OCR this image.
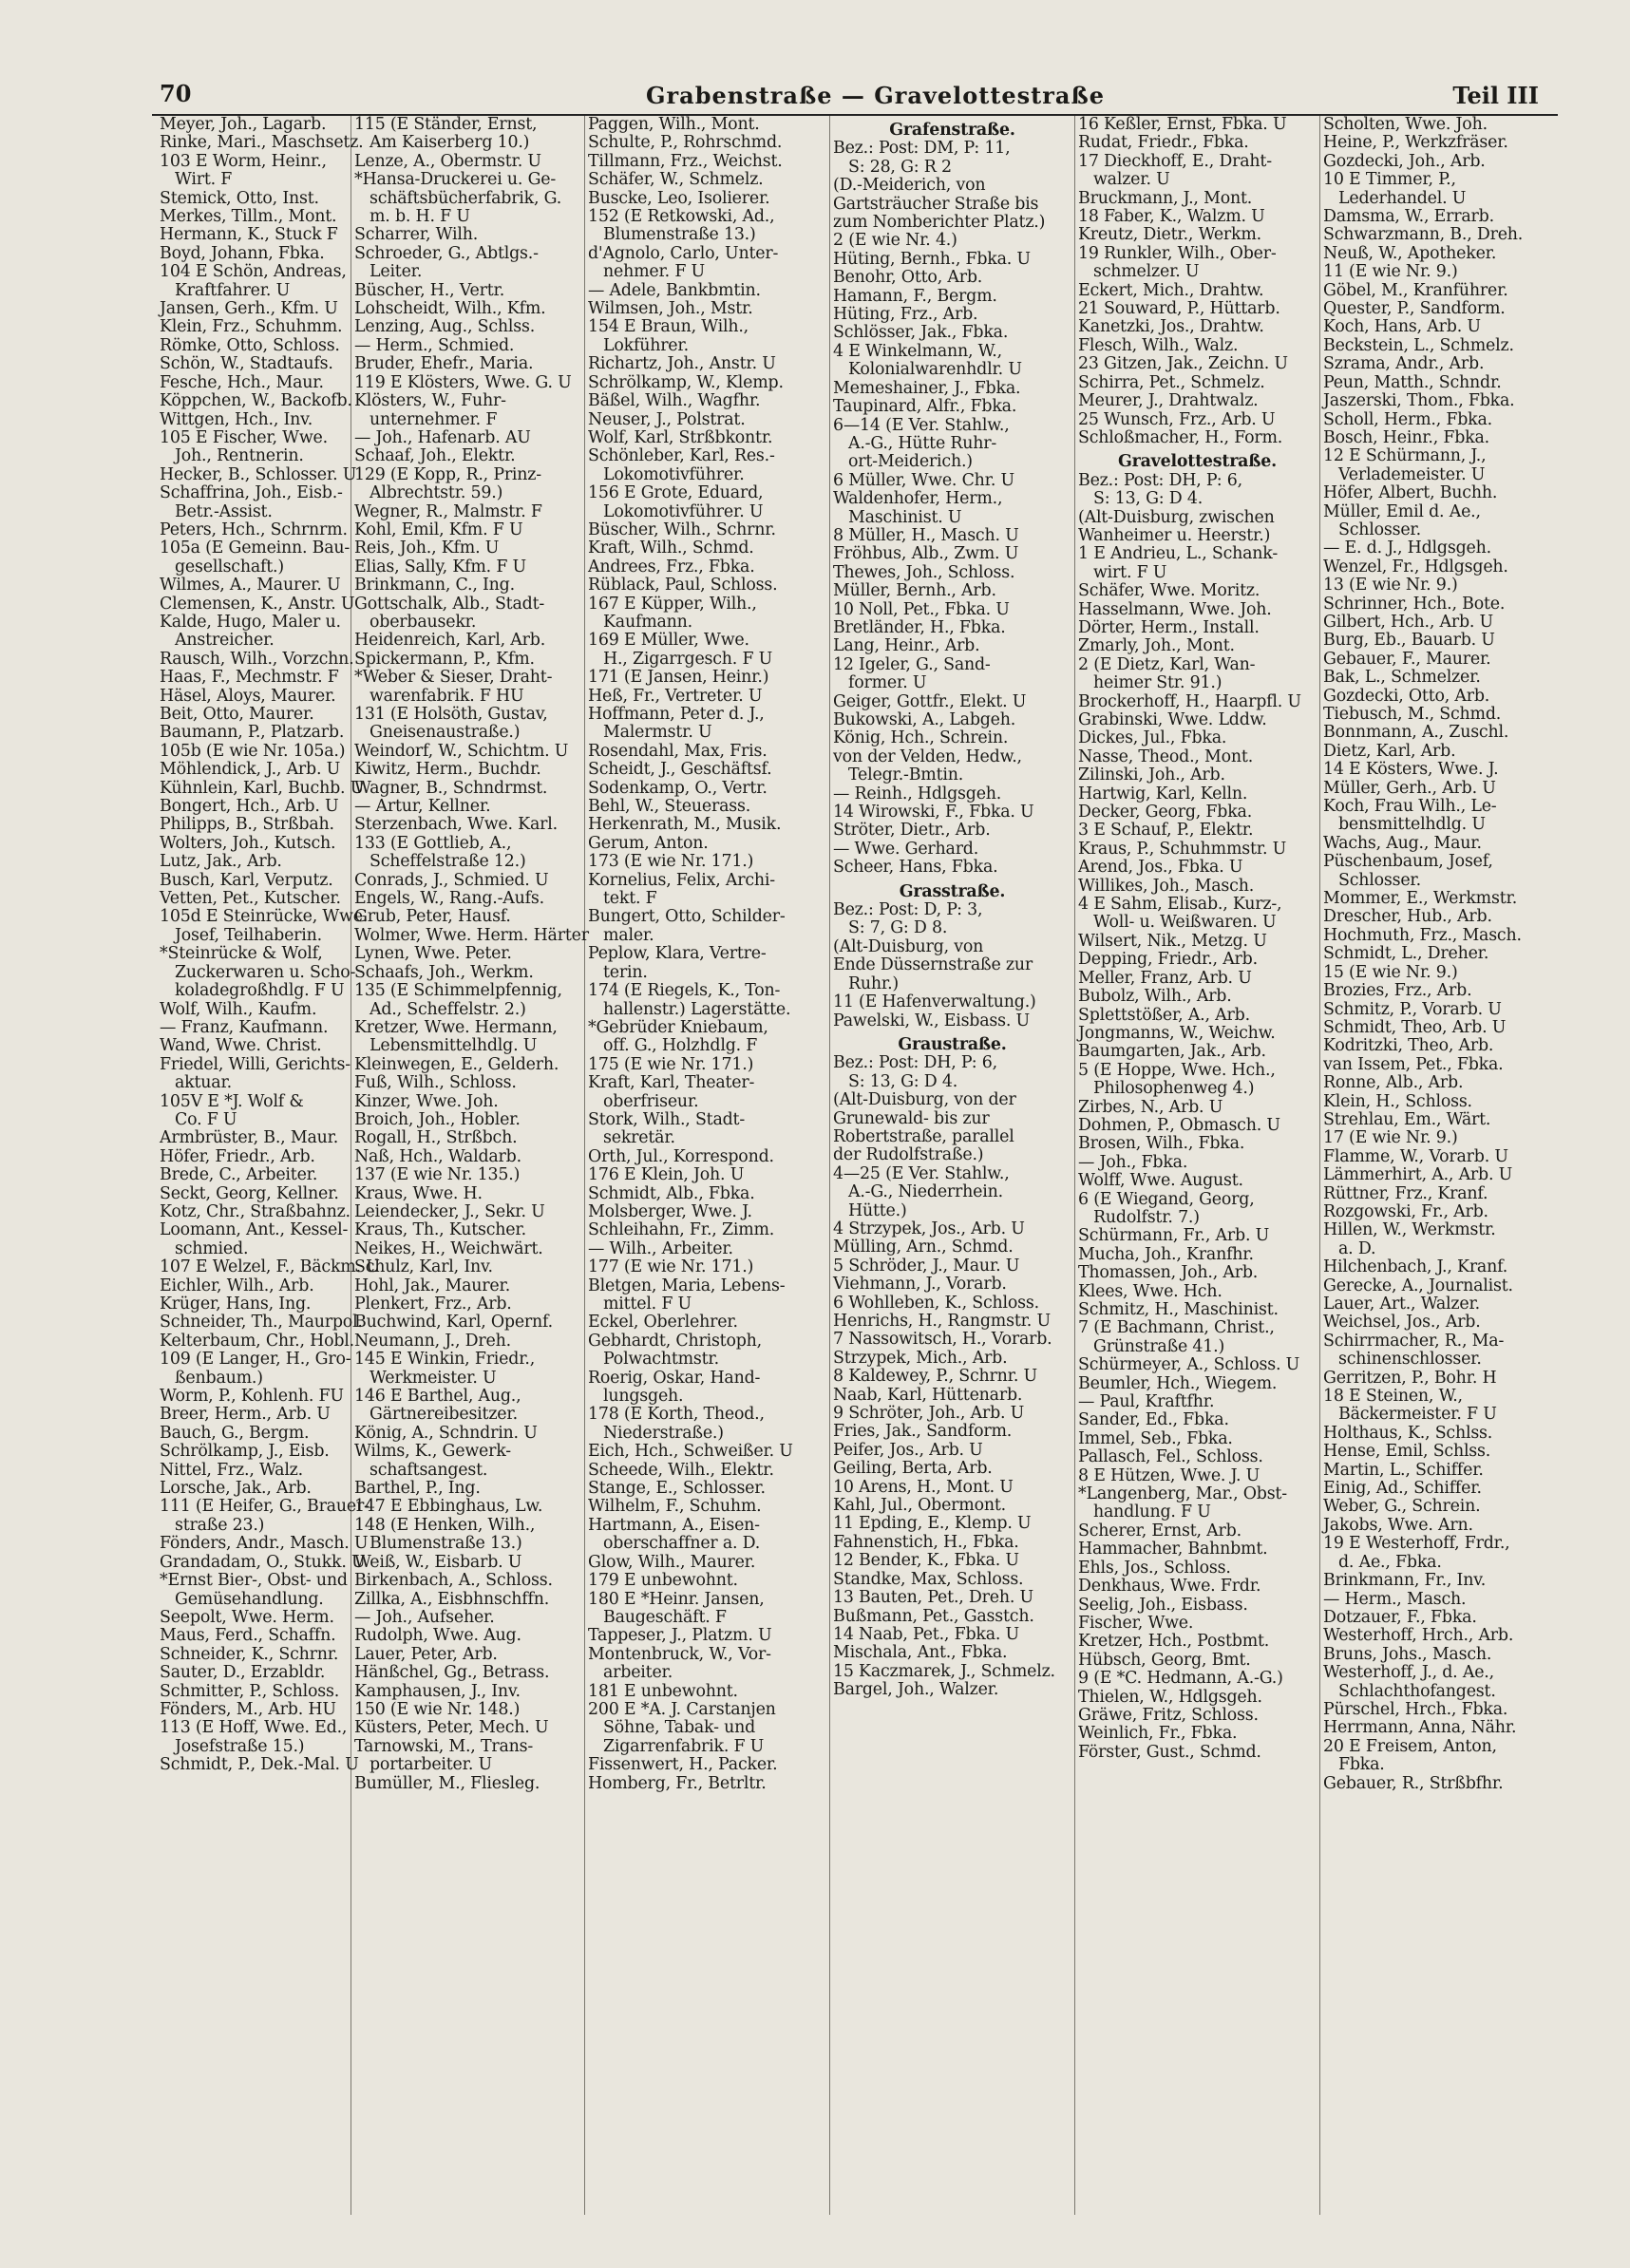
70	Grabenstraße — Gravelottestraße	Teil III
Meyer, Joh., Lagarb.
Rinke, Mari., Maschsetz.
103 E Worm, Heinr.,
Wirt. F
Stemick, Otto, Inst.
Merkes, Tillm., Mont.
Hermann, K., Stuck F
Boyd, Johann, Fbka.
104 E Schön, Andreas,
Kraftfahrer. U
Jansen, Gerh., Kfm. U
Klein, Frz., Schuhmm.
Römke, Otto, Schloss.
Schön, W., Stadtaufs.
Fesche, Hch., Maur.
Köppchen, W., Backofb.
Wittgen, Hch., Inv.
105 E Fischer, Wwe.
Joh., Rentnerin.
Hecker, B., Schlosser. U
Schaffrina, Joh., Eisb.-
Betr.-Assist.
Peters, Hch., Schrnrm.
105a (E Gemeinn. Bau-
gesellschaft.)
Wilmes, A., Maurer. U
Clemensen, K., Anstr. U
Kalde, Hugo, Maler u.
Anstreicher.
Rausch, Wilh., Vorzchn.
Haas, F., Mechmstr. F
Häsel, Aloys, Maurer.
Beit, Otto, Maurer.
Baumann, P., Platzarb.
105b (E wie Nr. 105a.)
Möhlendick, J., Arb. U
Kühnlein, Karl, Buchb. U
Bongert, Hch., Arb. U
Philipps, B., Strßbah.
Wolters, Joh., Kutsch.
Lutz, Jak., Arb.
Busch, Karl, Verputz.
Vetten, Pet., Kutscher.
105d E Steinrücke, Wwe.
Josef, Teilhaberin.
*Steinrücke & Wolf,
Zuckerwaren u. Scho-
koladegroßhdlg. F U
Wolf, Wilh., Kaufm.
— Franz, Kaufmann.
Wand, Wwe. Christ.
Friedel, Willi, Gerichts-
aktuar.
105V E *J. Wolf &
Co. F U
Armbrüster, B., Maur.
Höfer, Friedr., Arb.
Brede, C., Arbeiter.
Seckt, Georg, Kellner.
Kotz, Chr., Straßbahnz.
Loomann, Ant., Kessel-
schmied.
107 E Welzel, F., Bäckm. U
Eichler, Wilh., Arb.
Krüger, Hans, Ing.
Schneider, Th., Maurpol.
Kelterbaum, Chr., Hobl.
109 (E Langer, H., Gro-
ßenbaum.)
Worm, P., Kohlenh. FU
Breer, Herm., Arb. U
Bauch, G., Bergm.
Schrölkamp, J., Eisb.
Nittel, Frz., Walz.
Lorsche, Jak., Arb.
111 (E Heifer, G., Brauer-
straße 23.)
Fönders, Andr., Masch. U
Grandadam, O., Stukk. U
*Ernst Bier-, Obst- und
Gemüsehandlung.
Seepolt, Wwe. Herm.
Maus, Ferd., Schaffn.
Schneider, K., Schrnr.
Sauter, D., Erzabldr.
Schmitter, P., Schloss.
Fönders, M., Arb. HU
113 (E Hoff, Wwe. Ed.,
Josefstraße 15.)
Schmidt, P., Dek.-Mal. U
115 (E Ständer, Ernst,
Am Kaiserberg 10.)
Lenze, A., Obermstr. U
*Hansa-Druckerei u. Ge-
schäftsbücherfabrik, G.
m. b. H. F U
Scharrer, Wilh.
Schroeder, G., Abtlgs.-
Leiter.
Büscher, H., Vertr.
Lohscheidt, Wilh., Kfm.
Lenzing, Aug., Schlss.
— Herm., Schmied.
Bruder, Ehefr., Maria.
119 E Klösters, Wwe. G. U
Klösters, W., Fuhr-
unternehmer. F
— Joh., Hafenarb. AU
Schaaf, Joh., Elektr.
129 (E Kopp, R., Prinz-
Albrechtstr. 59.)
Wegner, R., Malmstr. F
Kohl, Emil, Kfm. F U
Reis, Joh., Kfm. U
Elias, Sally, Kfm. F U
Brinkmann, C., Ing.
Gottschalk, Alb., Stadt-
oberbausekr.
Heidenreich, Karl, Arb.
Spickermann, P., Kfm.
*Weber & Sieser, Draht-
warenfabrik. F HU
131 (E Holsöth, Gustav,
Gneisenaustraße.)
Weindorf, W., Schichtm. U
Kiwitz, Herm., Buchdr.
Wagner, B., Schndrmst.
— Artur, Kellner.
Sterzenbach, Wwe. Karl.
133 (E Gottlieb, A.,
Scheffelstraße 12.)
Conrads, J., Schmied. U
Engels, W., Rang.-Aufs.
Grub, Peter, Hausf.
Wolmer, Wwe. Herm. Härter
Lynen, Wwe. Peter.
Schaafs, Joh., Werkm.
135 (E Schimmelpfennig,
Ad., Scheffelstr. 2.)
Kretzer, Wwe. Hermann,
Lebensmittelhdlg. U
Kleinwegen, E., Gelderh.
Fuß, Wilh., Schloss.
Kinzer, Wwe. Joh.
Broich, Joh., Hobler.
Rogall, H., Strßbch.
Naß, Hch., Waldarb.
137 (E wie Nr. 135.)
Kraus, Wwe. H.
Leiendecker, J., Sekr. U
Kraus, Th., Kutscher.
Neikes, H., Weichwärt.
Schulz, Karl, Inv.
Hohl, Jak., Maurer.
Plenkert, Frz., Arb.
Buchwind, Karl, Opernf.
Neumann, J., Dreh.
145 E Winkin, Friedr.,
Werkmeister. U
146 E Barthel, Aug.,
Gärtnereibesitzer.
König, A., Schndrin. U
Wilms, K., Gewerk-
schaftsangest.
Barthel, P., Ing.
147 E Ebbinghaus, Lw.
148 (E Henken, Wilh.,
Blumenstraße 13.)
Weiß, W., Eisbarb. U
Birkenbach, A., Schloss.
Zillka, A., Eisbhnschffn.
— Joh., Aufseher.
Rudolph, Wwe. Aug.
Lauer, Peter, Arb.
Hänßchel, Gg., Betrass.
Kamphausen, J., Inv.
150 (E wie Nr. 148.)
Küsters, Peter, Mech. U
Tarnowski, M., Trans-
portarbeiter. U
Bumüller, M., Fliesleg.
Paggen, Wilh., Mont.
Schulte, P., Rohrschmd.
Tillmann, Frz., Weichst.
Schäfer, W., Schmelz.
Buscke, Leo, Isolierer.
152 (E Retkowski, Ad.,
Blumenstraße 13.)
d'Agnolo, Carlo, Unter-
nehmer. F U
— Adele, Bankbmtin.
Wilmsen, Joh., Mstr.
154 E Braun, Wilh.,
Lokführer.
Richartz, Joh., Anstr. U
Schrölkamp, W., Klemp.
Bäßel, Wilh., Wagfhr.
Neuser, J., Polstrat.
Wolf, Karl, Strßbkontr.
Schönleber, Karl, Res.-
Lokomotivführer.
156 E Grote, Eduard,
Lokomotivführer. U
Büscher, Wilh., Schrnr.
Kraft, Wilh., Schmd.
Andrees, Frz., Fbka.
Rüblack, Paul, Schloss.
167 E Küpper, Wilh.,
Kaufmann.
169 E Müller, Wwe.
H., Zigarrgesch. F U
171 (E Jansen, Heinr.)
Heß, Fr., Vertreter. U
Hoffmann, Peter d. J.,
Malermstr. U
Rosendahl, Max, Fris.
Scheidt, J., Geschäftsf.
Sodenkamp, O., Vertr.
Behl, W., Steuerass.
Herkenrath, M., Musik.
Gerum, Anton.
173 (E wie Nr. 171.)
Kornelius, Felix, Archi-
tekt. F
Bungert, Otto, Schilder-
maler.
Peplow, Klara, Vertre-
terin.
174 (E Riegels, K., Ton-
hallenstr.) Lagerstätte.
*Gebrüder Kniebaum,
off. G., Holzhdlg. F
175 (E wie Nr. 171.)
Kraft, Karl, Theater-
oberfriseur.
Stork, Wilh., Stadt-
sekretär.
Orth, Jul., Korrespond.
176 E Klein, Joh. U
Schmidt, Alb., Fbka.
Molsberger, Wwe. J.
Schleihahn, Fr., Zimm.
— Wilh., Arbeiter.
177 (E wie Nr. 171.)
Bletgen, Maria, Lebens-
mittel. F U
Eckel, Oberlehrer.
Gebhardt, Christoph,
Polwachtmstr.
Roerig, Oskar, Hand-
lungsgeh.
178 (E Korth, Theod.,
Niederstraße.)
Eich, Hch., Schweißer. U
Scheede, Wilh., Elektr.
Stange, E., Schlosser.
Wilhelm, F., Schuhm.
Hartmann, A., Eisen-
oberschaffner a. D.
Glow, Wilh., Maurer.
179 E unbewohnt.
180 E *Heinr. Jansen,
Baugeschäft. F
Tappeser, J., Platzm. U
Montenbruck, W., Vor-
arbeiter.
181 E unbewohnt.
200 E *A. J. Carstanjen
Söhne, Tabak- und
Zigarrenfabrik. F U
Fissenwert, H., Packer.
Homberg, Fr., Betrltr.
Grafenstraße.
Bez.: Post: DM, P: 11,
S: 28, G: R 2
(D.-Meiderich, von
Gartsträucher Straße bis
zum Nomberichter Platz.)
2 (E wie Nr. 4.)
Hüting, Bernh., Fbka. U
Benohr, Otto, Arb.
Hamann, F., Bergm.
Hüting, Frz., Arb.
Schlösser, Jak., Fbka.
4 E Winkelmann, W.,
Kolonialwarenhdlr. U
Memeshainer, J., Fbka.
Taupinard, Alfr., Fbka.
6—14 (E Ver. Stahlw.,
A.-G., Hütte Ruhr-
ort-Meiderich.)
6 Müller, Wwe. Chr. U
Waldenhofer, Herm.,
Maschinist. U
8 Müller, H., Masch. U
Fröhbus, Alb., Zwm. U
Thewes, Joh., Schloss.
Müller, Bernh., Arb.
10 Noll, Pet., Fbka. U
Bretländer, H., Fbka.
Lang, Heinr., Arb.
12 Igeler, G., Sand-
former. U
Geiger, Gottfr., Elekt. U
Bukowski, A., Labgeh.
König, Hch., Schrein.
von der Velden, Hedw.,
Telegr.-Bmtin.
— Reinh., Hdlgsgeh.
14 Wirowski, F., Fbka. U
Ströter, Dietr., Arb.
— Wwe. Gerhard.
Scheer, Hans, Fbka.
Grasstraße.
Bez.: Post: D, P: 3,
S: 7, G: D 8.
(Alt-Duisburg, von
Ende Düssernstraße zur
Ruhr.)
11 (E Hafenverwaltung.)
Pawelski, W., Eisbass. U
Graustraße.
Bez.: Post: DH, P: 6,
S: 13, G: D 4.
(Alt-Duisburg, von der
Grunewald- bis zur
Robertstraße, parallel
der Rudolfstraße.)
4—25 (E Ver. Stahlw.,
A.-G., Niederrhein.
Hütte.)
4 Strzypek, Jos., Arb. U
Mülling, Arn., Schmd.
5 Schröder, J., Maur. U
Viehmann, J., Vorarb.
6 Wohlleben, K., Schloss.
Henrichs, H., Rangmstr. U
7 Nassowitsch, H., Vorarb.
Strzypek, Mich., Arb.
8 Kaldewey, P., Schrnr. U
Naab, Karl, Hüttenarb.
9 Schröter, Joh., Arb. U
Fries, Jak., Sandform.
Peifer, Jos., Arb. U
Geiling, Berta, Arb.
10 Arens, H., Mont. U
Kahl, Jul., Obermont.
11 Epding, E., Klemp. U
Fahnenstich, H., Fbka.
12 Bender, K., Fbka. U
Standke, Max, Schloss.
13 Bauten, Pet., Dreh. U
Bußmann, Pet., Gasstch.
14 Naab, Pet., Fbka. U
Mischala, Ant., Fbka.
15 Kaczmarek, J., Schmelz.
Bargel, Joh., Walzer.
16 Keßler, Ernst, Fbka. U
Rudat, Friedr., Fbka.
17 Dieckhoff, E., Draht-
walzer. U
Bruckmann, J., Mont.
18 Faber, K., Walzm. U
Kreutz, Dietr., Werkm.
19 Runkler, Wilh., Ober-
schmelzer. U
Eckert, Mich., Drahtw.
21 Souward, P., Hüttarb.
Kanetzki, Jos., Drahtw.
Flesch, Wilh., Walz.
23 Gitzen, Jak., Zeichn. U
Schirra, Pet., Schmelz.
Meurer, J., Drahtwalz.
25 Wunsch, Frz., Arb. U
Schloßmacher, H., Form.
Gravelottestraße.
Bez.: Post: DH, P: 6,
S: 13, G: D 4.
(Alt-Duisburg, zwischen
Wanheimer u. Heerstr.)
1 E Andrieu, L., Schank-
wirt. F U
Schäfer, Wwe. Moritz.
Hasselmann, Wwe. Joh.
Dörter, Herm., Install.
Zmarly, Joh., Mont.
2 (E Dietz, Karl, Wan-
heimer Str. 91.)
Brockerhoff, H., Haarpfl. U
Grabinski, Wwe. Lddw.
Dickes, Jul., Fbka.
Nasse, Theod., Mont.
Zilinski, Joh., Arb.
Hartwig, Karl, Kelln.
Decker, Georg, Fbka.
3 E Schauf, P., Elektr.
Kraus, P., Schuhmmstr. U
Arend, Jos., Fbka. U
Willikes, Joh., Masch.
4 E Sahm, Elisab., Kurz-,
Woll- u. Weißwaren. U
Wilsert, Nik., Metzg. U
Depping, Friedr., Arb.
Meller, Franz, Arb. U
Bubolz, Wilh., Arb.
Splettstößer, A., Arb.
Jongmanns, W., Weichw.
Baumgarten, Jak., Arb.
5 (E Hoppe, Wwe. Hch.,
Philosophenweg 4.)
Zirbes, N., Arb. U
Dohmen, P., Obmasch. U
Brosen, Wilh., Fbka.
— Joh., Fbka.
Wolff, Wwe. August.
6 (E Wiegand, Georg,
Rudolfstr. 7.)
Schürmann, Fr., Arb. U
Mucha, Joh., Kranfhr.
Thomassen, Joh., Arb.
Klees, Wwe. Hch.
Schmitz, H., Maschinist.
7 (E Bachmann, Christ.,
Grünstraße 41.)
Schürmeyer, A., Schloss. U
Beumler, Hch., Wiegem.
— Paul, Kraftfhr.
Sander, Ed., Fbka.
Immel, Seb., Fbka.
Pallasch, Fel., Schloss.
8 E Hützen, Wwe. J. U
*Langenberg, Mar., Obst-
handlung. F U
Scherer, Ernst, Arb.
Hammacher, Bahnbmt.
Ehls, Jos., Schloss.
Denkhaus, Wwe. Frdr.
Seelig, Joh., Eisbass.
Fischer, Wwe.
Kretzer, Hch., Postbmt.
Hübsch, Georg, Bmt.
9 (E *C. Hedmann, A.-G.)
Thielen, W., Hdlgsgeh.
Gräwe, Fritz, Schloss.
Weinlich, Fr., Fbka.
Förster, Gust., Schmd.
Scholten, Wwe. Joh.
Heine, P., Werkzfräser.
Gozdecki, Joh., Arb.
10 E Timmer, P.,
Lederhandel. U
Damsma, W., Errarb.
Schwarzmann, B., Dreh.
Neuß, W., Apotheker.
11 (E wie Nr. 9.)
Göbel, M., Kranführer.
Quester, P., Sandform.
Koch, Hans, Arb. U
Beckstein, L., Schmelz.
Szrama, Andr., Arb.
Peun, Matth., Schndr.
Jaszerski, Thom., Fbka.
Scholl, Herm., Fbka.
Bosch, Heinr., Fbka.
12 E Schürmann, J.,
Verlademeister. U
Höfer, Albert, Buchh.
Müller, Emil d. Ae.,
Schlosser.
— E. d. J., Hdlgsgeh.
Wenzel, Fr., Hdlgsgeh.
13 (E wie Nr. 9.)
Schrinner, Hch., Bote.
Gilbert, Hch., Arb. U
Burg, Eb., Bauarb. U
Gebauer, F., Maurer.
Bak, L., Schmelzer.
Gozdecki, Otto, Arb.
Tiebusch, M., Schmd.
Bonnmann, A., Zuschl.
Dietz, Karl, Arb.
14 E Kösters, Wwe. J.
Müller, Gerh., Arb. U
Koch, Frau Wilh., Le-
bensmittelhdlg. U
Wachs, Aug., Maur.
Püschenbaum, Josef,
Schlosser.
Mommer, E., Werkmstr.
Drescher, Hub., Arb.
Hochmuth, Frz., Masch.
Schmidt, L., Dreher.
15 (E wie Nr. 9.)
Brozies, Frz., Arb.
Schmitz, P., Vorarb. U
Schmidt, Theo, Arb. U
Kodritzki, Theo, Arb.
van Issem, Pet., Fbka.
Ronne, Alb., Arb.
Klein, H., Schloss.
Strehlau, Em., Wärt.
17 (E wie Nr. 9.)
Flamme, W., Vorarb. U
Lämmerhirt, A., Arb. U
Rüttner, Frz., Kranf.
Rozgowski, Fr., Arb.
Hillen, W., Werkmstr.
a. D.
Hilchenbach, J., Kranf.
Gerecke, A., Journalist.
Lauer, Art., Walzer.
Weichsel, Jos., Arb.
Schirrmacher, R., Ma-
schinenschlosser.
Gerritzen, P., Bohr. H
18 E Steinen, W.,
Bäckermeister. F U
Holthaus, K., Schlss.
Hense, Emil, Schlss.
Martin, L., Schiffer.
Einig, Ad., Schiffer.
Weber, G., Schrein.
Jakobs, Wwe. Arn.
19 E Westerhoff, Frdr.,
d. Ae., Fbka.
Brinkmann, Fr., Inv.
— Herm., Masch.
Dotzauer, F., Fbka.
Westerhoff, Hrch., Arb.
Bruns, Johs., Masch.
Westerhoff, J., d. Ae.,
Schlachthofangest.
Pürschel, Hrch., Fbka.
Herrmann, Anna, Nähr.
20 E Freisem, Anton,
Fbka.
Gebauer, R., Strßbfhr.
